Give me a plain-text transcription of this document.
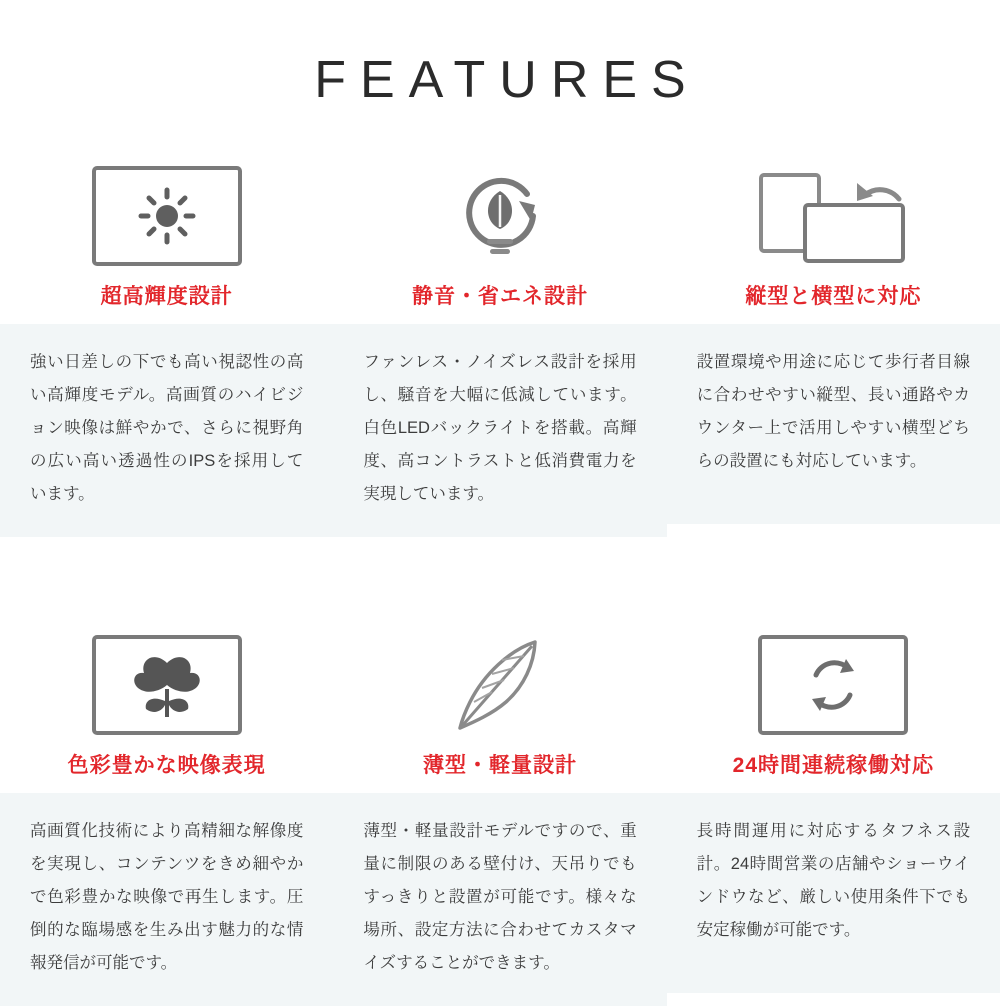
FEATURES
超高輝度設計

強い日差しの下でも高い視認性の高い高輝度モデル。高画質のハイビジョン映像は鮮やかで、さらに視野角の広い高い透過性のIPSを採用しています。

静音・省エネ設計

ファンレス・ノイズレス設計を採用し、騒音を大幅に低減しています。白色LEDバックライトを搭載。高輝度、高コントラストと低消費電力を実現しています。

縦型と横型に対応

設置環境や用途に応じて歩行者目線に合わせやすい縦型、長い通路やカウンター上で活用しやすい横型どちらの設置にも対応しています。

色彩豊かな映像表現

高画質化技術により高精細な解像度を実現し、コンテンツをきめ細やかで色彩豊かな映像で再生します。圧倒的な臨場感を生み出す魅力的な情報発信が可能です。

薄型・軽量設計

薄型・軽量設計モデルですので、重量に制限のある壁付け、天吊りでもすっきりと設置が可能です。様々な場所、設定方法に合わせてカスタマイズすることができます。

24時間連続稼働対応

長時間運用に対応するタフネス設計。24時間営業の店舗やショーウインドウなど、厳しい使用条件下でも安定稼働が可能です。
